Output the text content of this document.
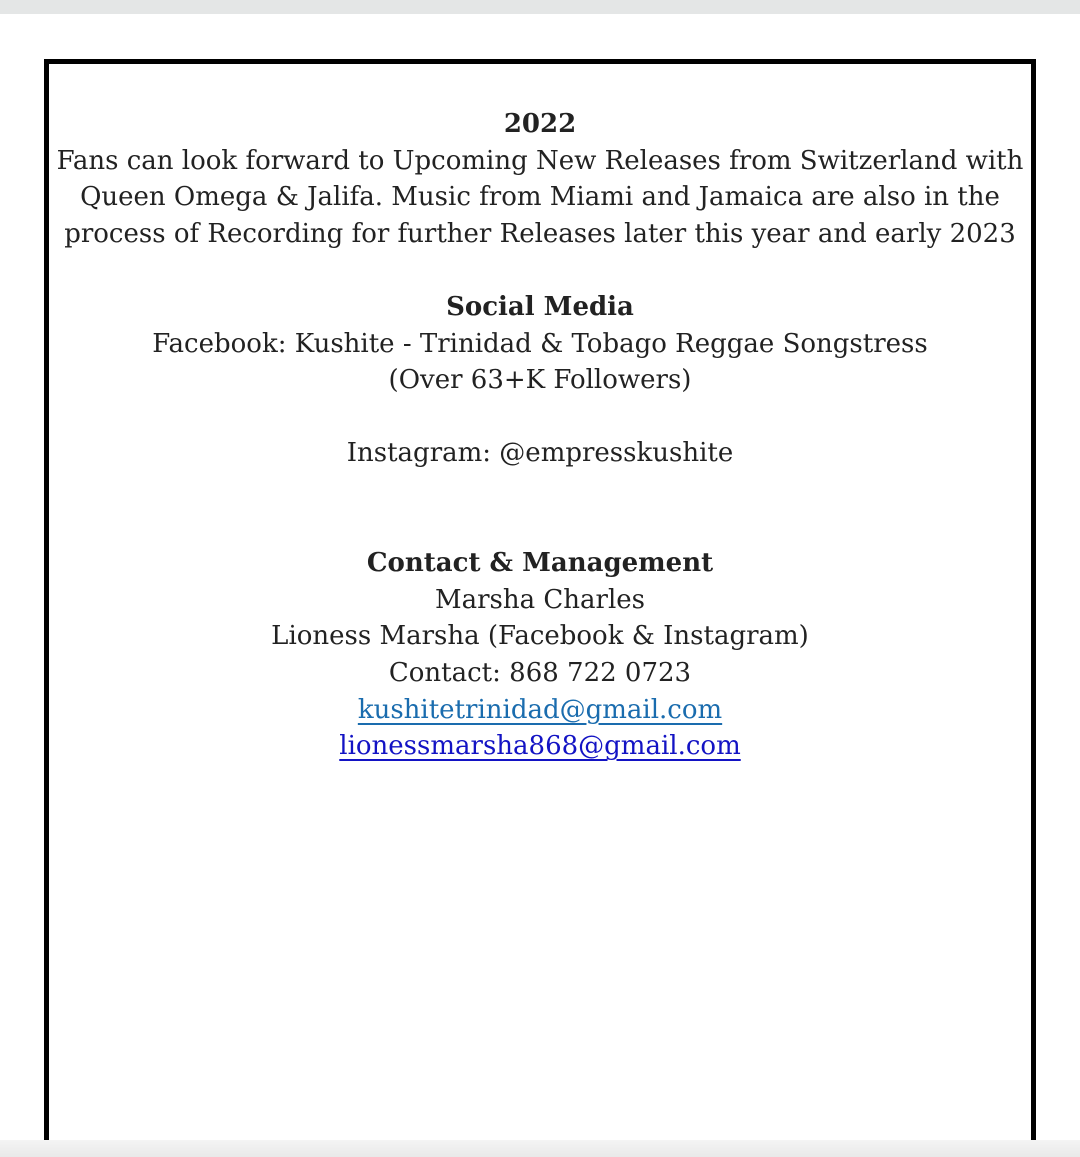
2022
Fans can look forward to Upcoming New Releases from Switzerland with
Queen Omega & Jalifa. Music from Miami and Jamaica are also in the
process of Recording for further Releases later this year and early 2023
Social Media
Facebook: Kushite - Trinidad & Tobago Reggae Songstress
(Over 63+K Followers)
Instagram: @empresskushite
Contact & Management
Marsha Charles
Lioness Marsha (Facebook & Instagram)
Contact: 868 722 0723
kushitetrinidad@gmail.com
lionessmarsha868@gmail.com
